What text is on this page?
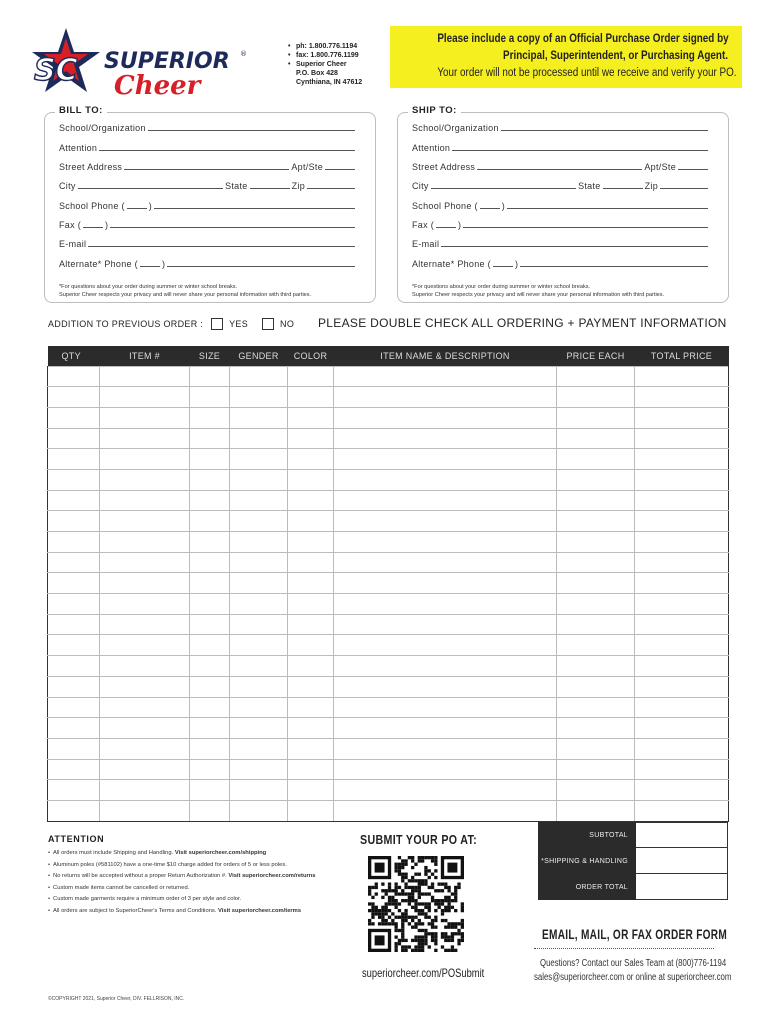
SC SUPERIOR ®
Cheer
• ph: 1.800.776.1194
• fax: 1.800.776.1199
• Superior Cheer
P.O. Box 428
Cynthiana, IN 47612
Please include a copy of an Official Purchase Order signed by
Principal, Superintendent, or Purchasing Agent.
Your order will not be processed until we receive and verify your PO.
BILL TO:
School/Organization
Attention
Street Address	Apt/Ste
City	State	Zip
School Phone (	)
Fax (	)
E-mail
Alternate* Phone (	)
*For questions about your order during summer or winter school breaks.
Superior Cheer respects your privacy and will never share your personal information with third parties.
SHIP TO:
School/Organization
Attention
Street Address	Apt/Ste
City	State	Zip
School Phone (	)
Fax (	)
E-mail
Alternate* Phone (	)
*For questions about your order during summer or winter school breaks.
Superior Cheer respects your privacy and will never share your personal information with third parties.
ADDITION TO PREVIOUS ORDER :	YES	NO PLEASE DOUBLE CHECK ALL ORDERING + PAYMENT INFORMATION
QTY	ITEM #	SIZE	GENDER	COLOR	ITEM NAME & DESCRIPTION	PRICE EACH	TOTAL PRICE

ATTENTION
• All orders must include Shipping and Handling. Visit superiorcheer.com/shipping
• Aluminum poles (#581102) have a one-time $10 charge added for orders of 5 or less poles.
• No returns will be accepted without a proper Return Authorization #. Visit superiorcheer.com/returns
• Custom made items cannot be cancelled or returned.
• Custom made garments require a minimum order of 3 per style and color.
• All orders are subject to SuperiorCheer's Terms and Conditions. Visit superiorcheer.com/terms
SUBMIT YOUR PO AT:
superiorcheer.com/POSubmit
SUBTOTAL
*SHIPPING & HANDLING
ORDER TOTAL
EMAIL, MAIL, OR FAX ORDER FORM
Questions? Contact our Sales Team at (800)776-1194
sales@superiorcheer.com or online at superiorcheer.com
©COPYRIGHT 2021, Superior Cheer, DIV. FELLRISON, INC.
